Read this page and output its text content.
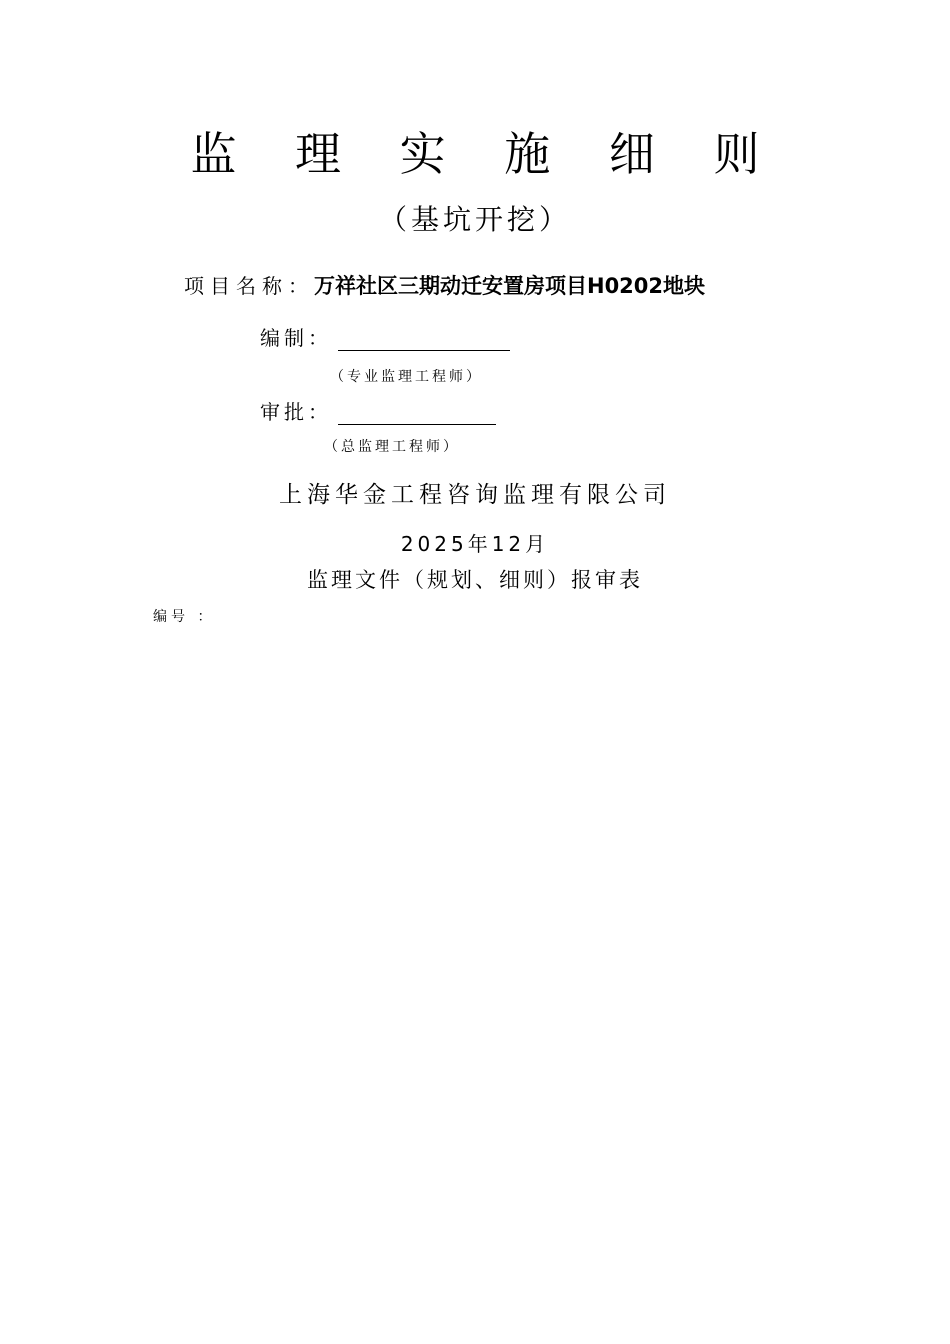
监 理 实 施 细 则
（基坑开挖）
项目名称：万祥社区三期动迁安置房项目H0202地块
编制：
（专业监理工程师）
审批：
（总监理工程师）
上海华金工程咨询监理有限公司
2025年12月
监理文件（规划、细则）报审表
编号 ：
